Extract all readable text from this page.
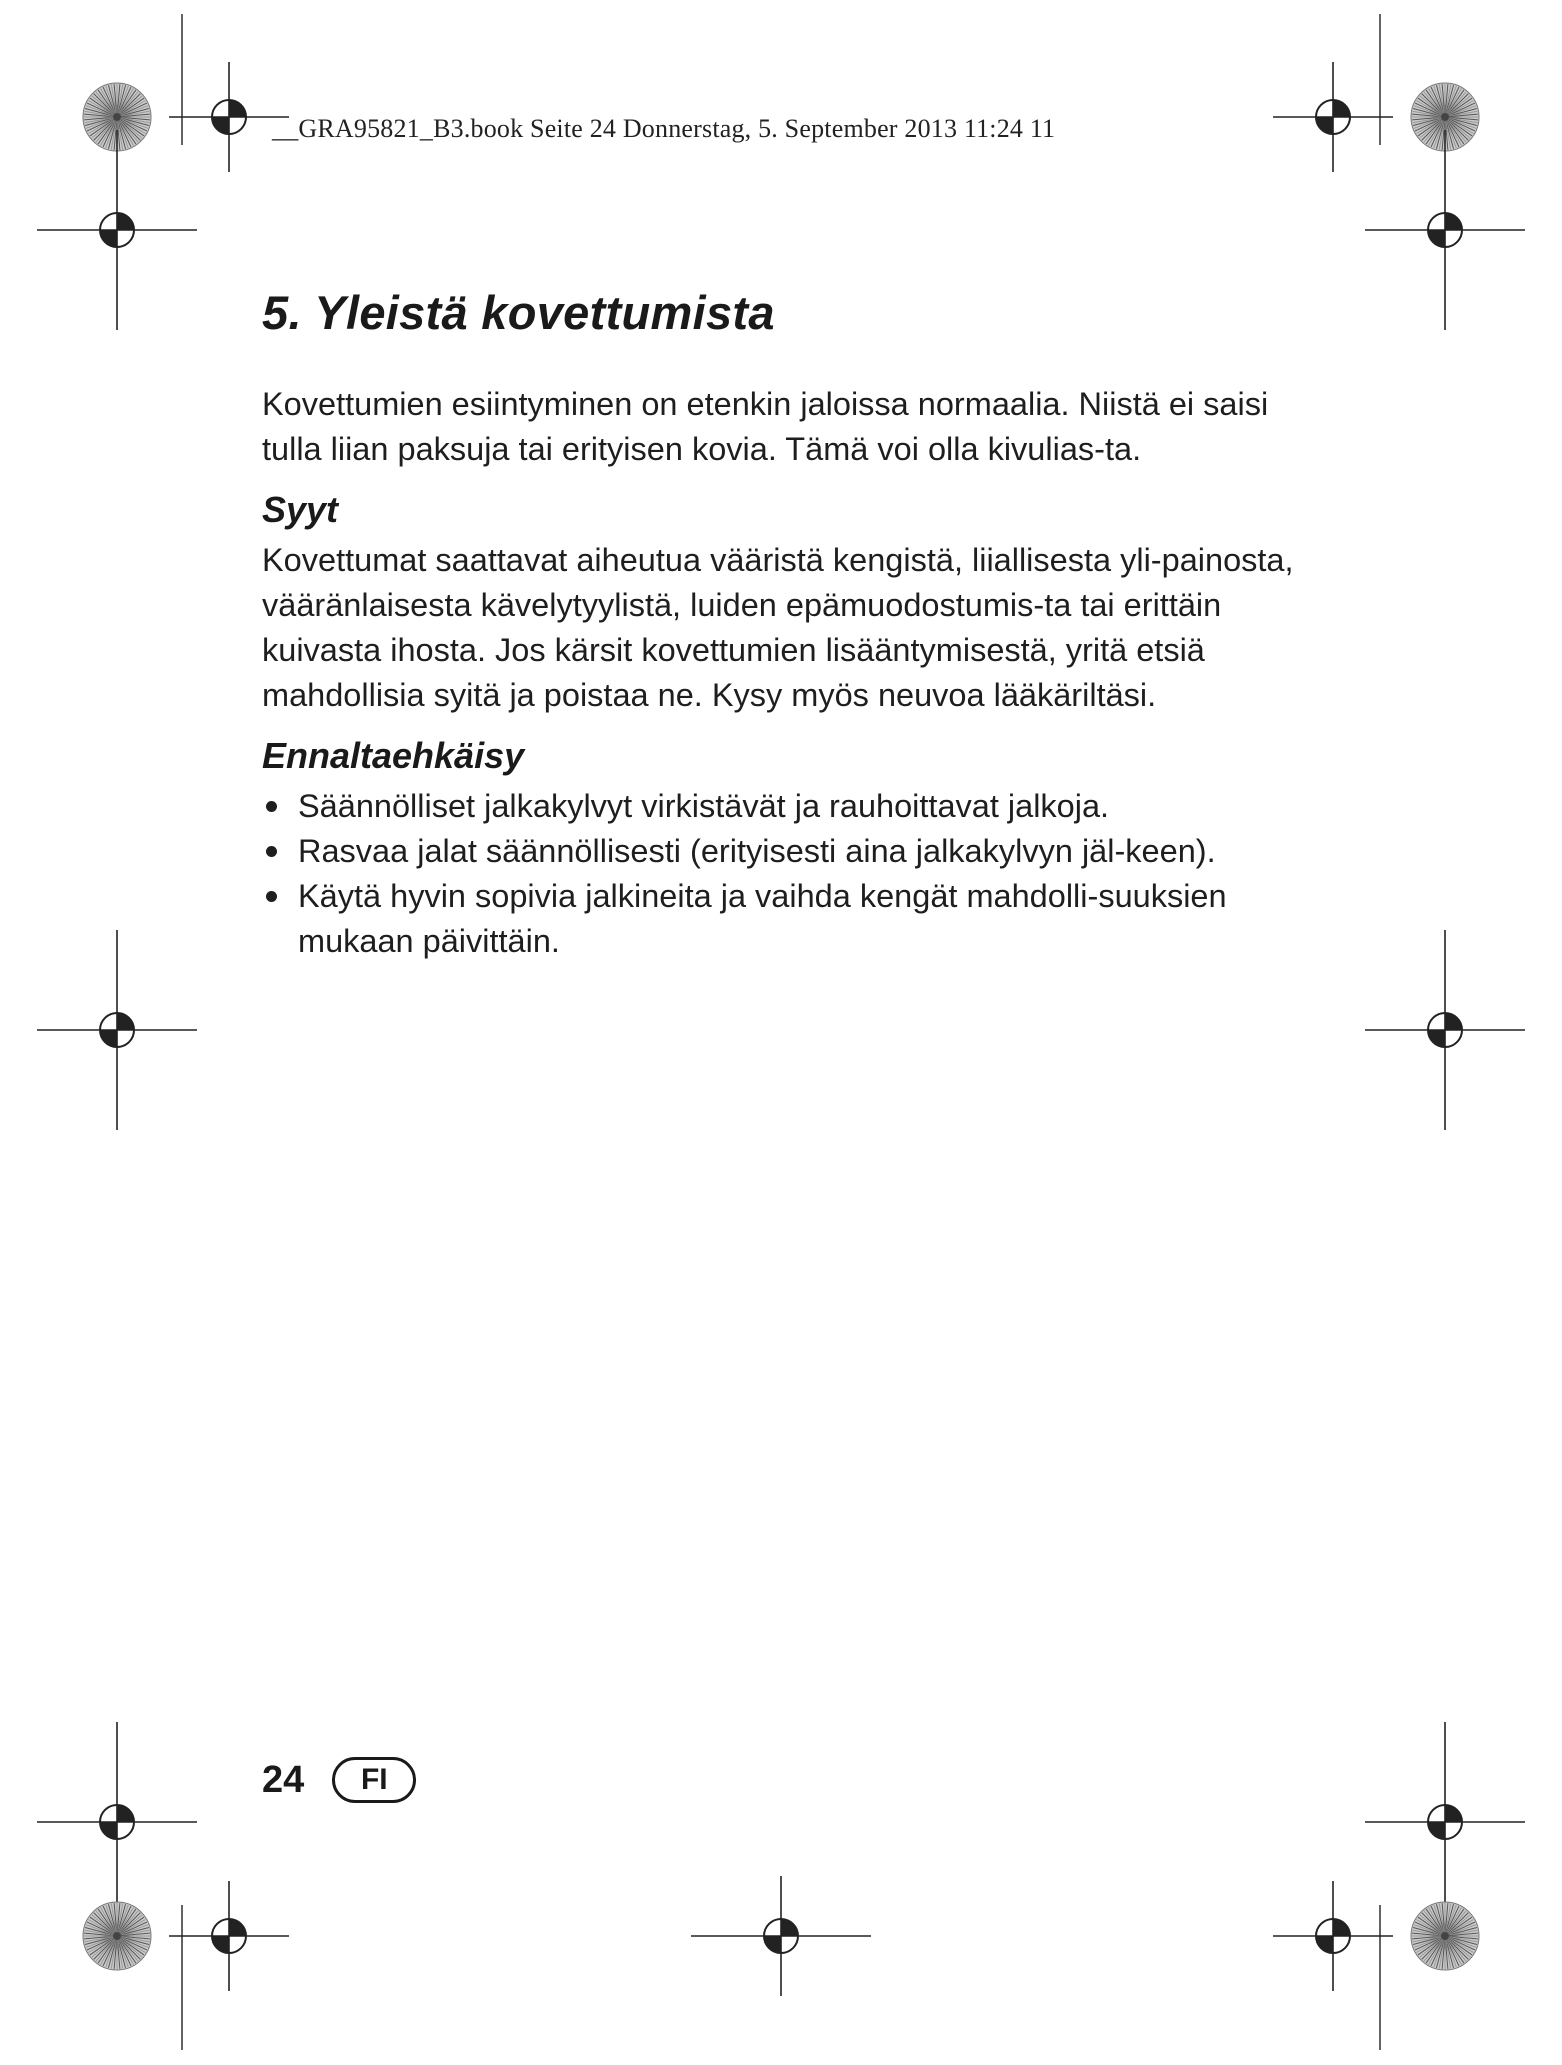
__GRA95821_B3.book Seite 24 Donnerstag, 5. September 2013 11:24 11

5. Yleistä kovettumista

Kovettumien esiintyminen on etenkin jaloissa normaalia. Niistä ei saisi tulla liian paksuja tai erityisen kovia. Tämä voi olla kivulias-ta.

Syyt

Kovettumat saattavat aiheutua vääristä kengistä, liiallisesta yli-painosta, vääränlaisesta kävelytyylistä, luiden epämuodostumis-ta tai erittäin kuivasta ihosta. Jos kärsit kovettumien lisääntymisestä, yritä etsiä mahdollisia syitä ja poistaa ne. Kysy myös neuvoa lääkäriltäsi.

Ennaltaehkäisy
Säännölliset jalkakylvyt virkistävät ja rauhoittavat jalkoja.
Rasvaa jalat säännöllisesti (erityisesti aina jalkakylvyn jäl-keen).
Käytä hyvin sopivia jalkineita ja vaihda kengät mahdolli-suuksien mukaan päivittäin.
24	FI
